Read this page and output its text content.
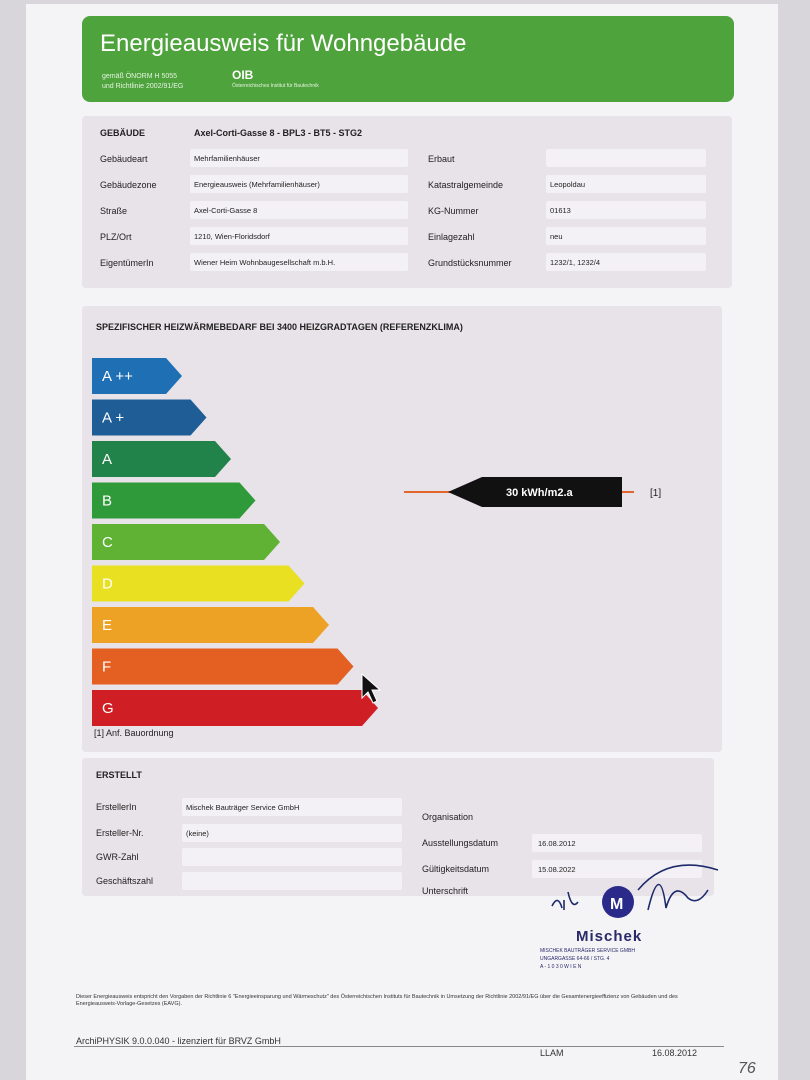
Energieausweis für Wohngebäude
gemäß ÖNORM H 5055
und Richtlinie 2002/91/EG
OIB
Österreichisches Institut für Bautechnik
GEBÄUDE	Axel-Corti-Gasse 8 - BPL3 - BT5 - STG2
Gebäudeart	Mehrfamilienhäuser
Gebäudezone	Energieausweis (Mehrfamilienhäuser)
Straße	Axel-Corti-Gasse 8
PLZ/Ort	1210, Wien-Floridsdorf
EigentümerIn	Wiener Heim Wohnbaugesellschaft m.b.H.
Erbaut
Katastralgemeinde	Leopoldau
KG-Nummer	01613
Einlagezahl	neu
Grundstücksnummer	1232/1, 1232/4
SPEZIFISCHER HEIZWÄRMEBEDARF BEI 3400 HEIZGRADTAGEN (REFERENZKLIMA)
[1] Anf. Bauordnung
A ++
A +
A
B
C
D
E
F
G
30 kWh/m2.a	[1]
ERSTELLT
ErstellerIn	Mischek Bauträger Service GmbH
Ersteller-Nr.	(keine)
GWR-Zahl
Geschäftszahl
Organisation
Ausstellungsdatum	16.08.2012
Gültigkeitsdatum	15.08.2022
Unterschrift
M
Mischek
MISCHEK BAUTRÄGER SERVICE GMBH
UNGARGASSE 64-66 / STG. 4
A - 1 0 3 0 W I E N
Dieser Energieausweis entspricht den Vorgaben der Richtlinie 6 "Energieeinsparung und Wärmeschutz" des Österreichischen Instituts für Bautechnik in Umsetzung der Richtlinie 2002/91/EG über die Gesamtenergieeffizienz von Gebäuden und des Energieausweis-Vorlage-Gesetzes (EAVG).
ArchiPHYSIK 9.0.0.040 - lizenziert für BRVZ GmbH
LLAM	16.08.2012
76
